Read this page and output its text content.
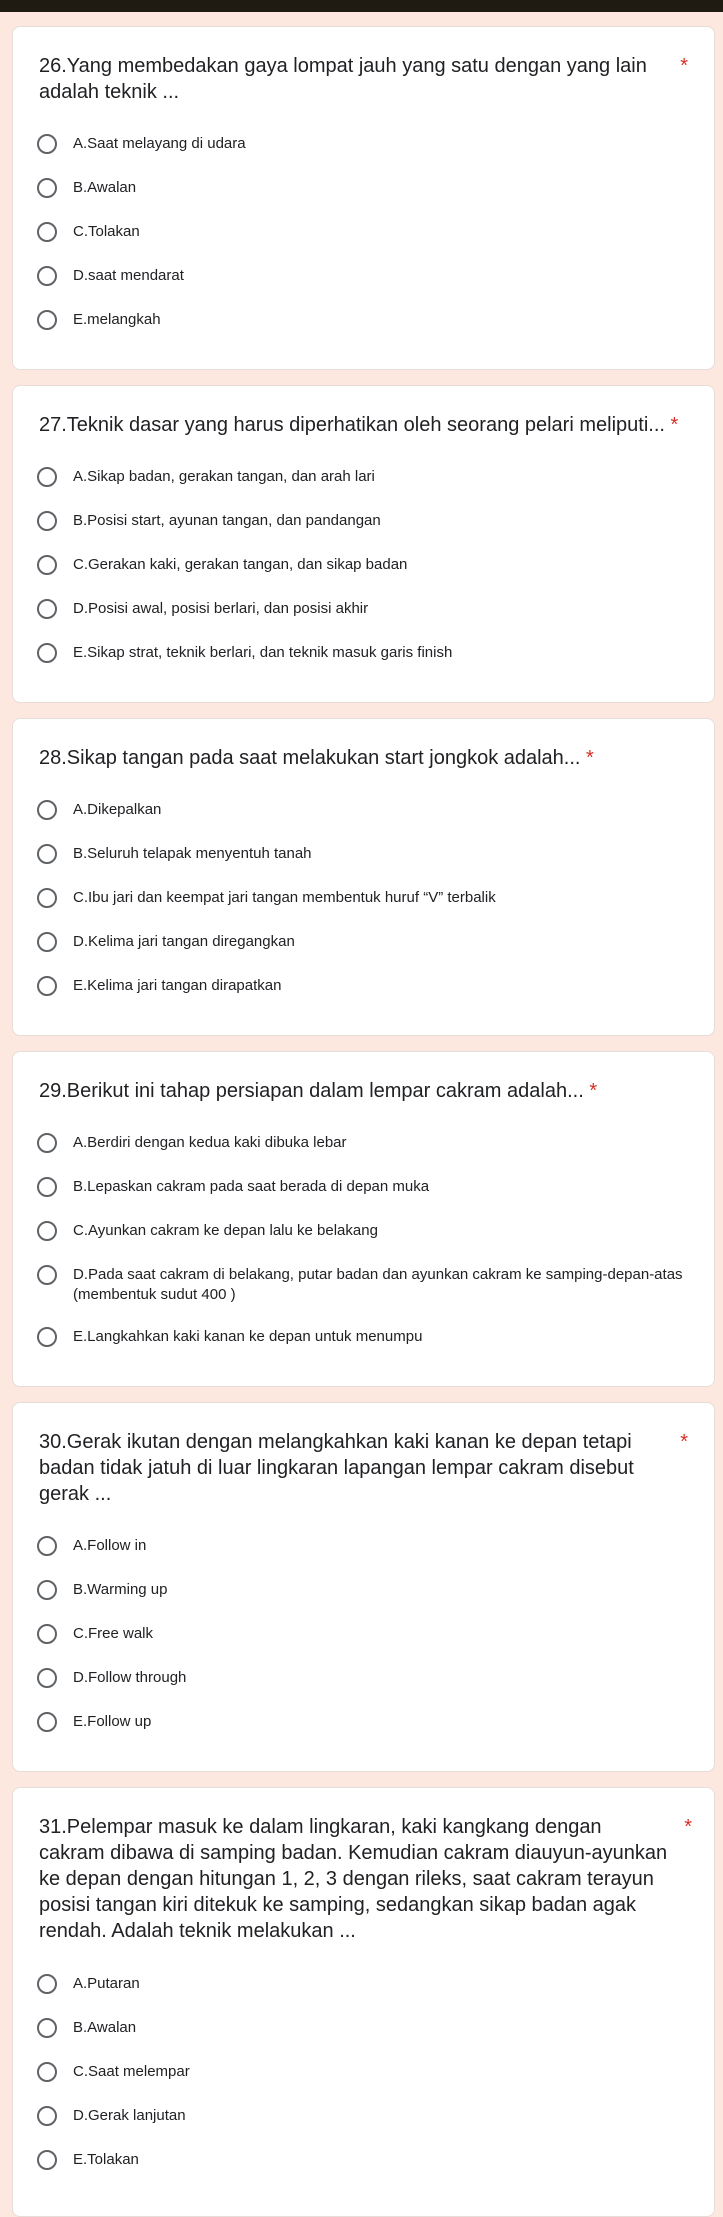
26.Yang membedakan gaya lompat jauh yang satu dengan yang lain adalah teknik ...
*
A.Saat melayang di udara
B.Awalan
C.Tolakan
D.saat mendarat
E.melangkah
27.Teknik dasar yang harus diperhatikan oleh seorang pelari meliputi... *
A.Sikap badan, gerakan tangan, dan arah lari
B.Posisi start, ayunan tangan, dan pandangan
C.Gerakan kaki, gerakan tangan, dan sikap badan
D.Posisi awal, posisi berlari, dan posisi akhir
E.Sikap strat, teknik berlari, dan teknik masuk garis finish
28.Sikap tangan pada saat melakukan start jongkok adalah... *
A.Dikepalkan
B.Seluruh telapak menyentuh tanah
C.Ibu jari dan keempat jari tangan membentuk huruf “V” terbalik
D.Kelima jari tangan diregangkan
E.Kelima jari tangan dirapatkan
29.Berikut ini tahap persiapan dalam lempar cakram adalah... *
A.Berdiri dengan kedua kaki dibuka lebar
B.Lepaskan cakram pada saat berada di depan muka
C.Ayunkan cakram ke depan lalu ke belakang
D.Pada saat cakram di belakang, putar badan dan ayunkan cakram ke samping-depan-atas (membentuk sudut 400 )
E.Langkahkan kaki kanan ke depan untuk menumpu
30.Gerak ikutan dengan melangkahkan kaki kanan ke depan tetapi badan tidak jatuh di luar lingkaran lapangan lempar cakram disebut gerak ...
*
A.Follow in
B.Warming up
C.Free walk
D.Follow through
E.Follow up
31.Pelempar masuk ke dalam lingkaran, kaki kangkang dengan cakram dibawa di samping badan. Kemudian cakram diauyun-ayunkan ke depan dengan hitungan 1, 2, 3 dengan rileks, saat cakram terayun posisi tangan kiri ditekuk ke samping, sedangkan sikap badan agak rendah. Adalah teknik melakukan ...
*
A.Putaran
B.Awalan
C.Saat melempar
D.Gerak lanjutan
E.Tolakan
